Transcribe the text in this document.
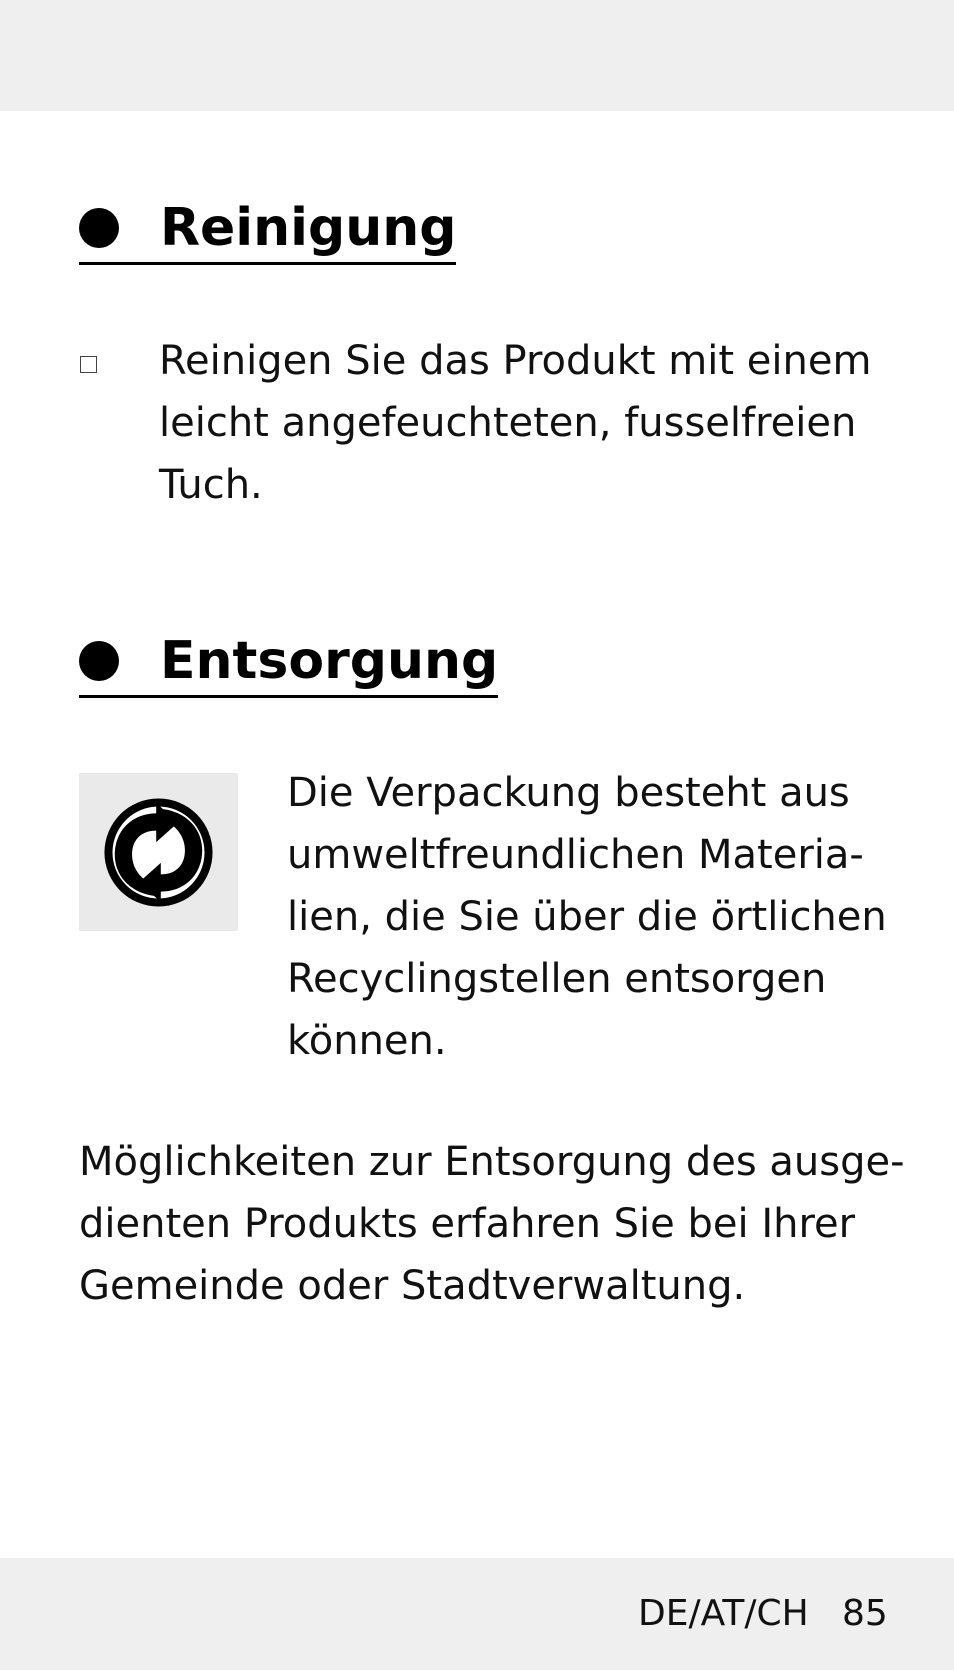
Reinigung
Reinigen Sie das Produkt mit einem
leicht angefeuchteten, fusselfreien
Tuch.
Entsorgung
Die Verpackung besteht aus
umweltfreundlichen Materia-
lien, die Sie über die örtlichen
Recyclingstellen entsorgen
können.
Möglichkeiten zur Entsorgung des ausge-
dienten Produkts erfahren Sie bei Ihrer
Gemeinde oder Stadtverwaltung.
DE/AT/CH 85
